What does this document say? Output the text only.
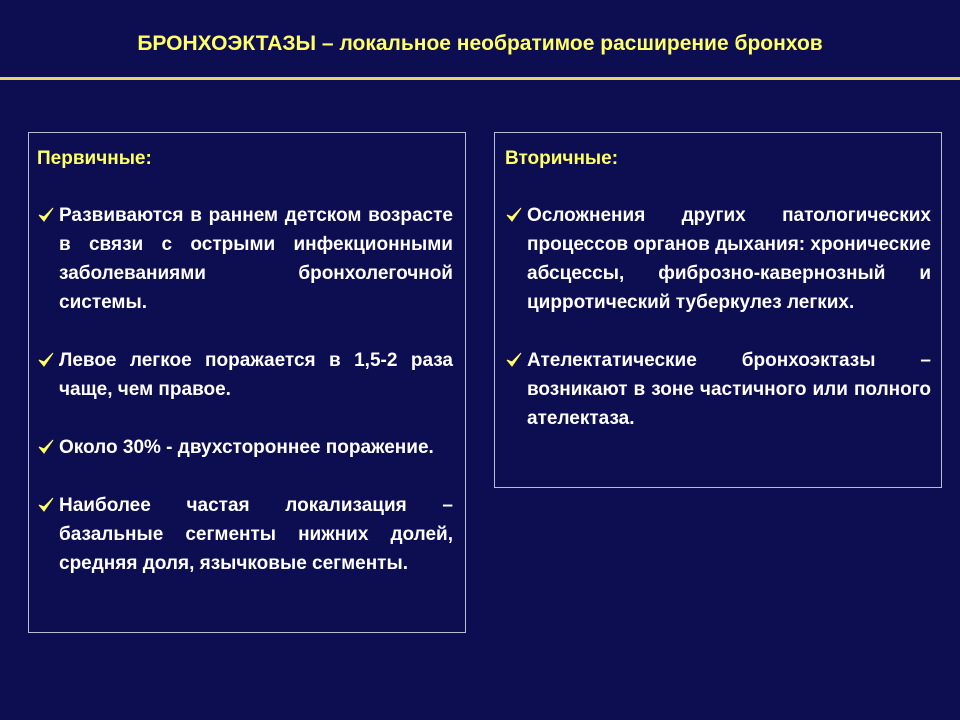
БРОНХОЭКТАЗЫ – локальное необратимое расширение бронхов
Первичные:
Развиваются в раннем детском возрасте в связи с острыми инфекционными заболеваниями бронхолегочной системы.
Левое легкое поражается в 1,5-2 раза чаще, чем правое.
Около 30% - двухстороннее поражение.
Наиболее частая локализация – базальные сегменты нижних долей, средняя доля, язычковые сегменты.
Вторичные:
Осложнения других патологических процессов органов дыхания: хронические абсцессы, фиброзно-кавернозный и цирротический туберкулез легких.
Ателектатические бронхоэктазы – возникают в зоне частичного или полного ателектаза.
